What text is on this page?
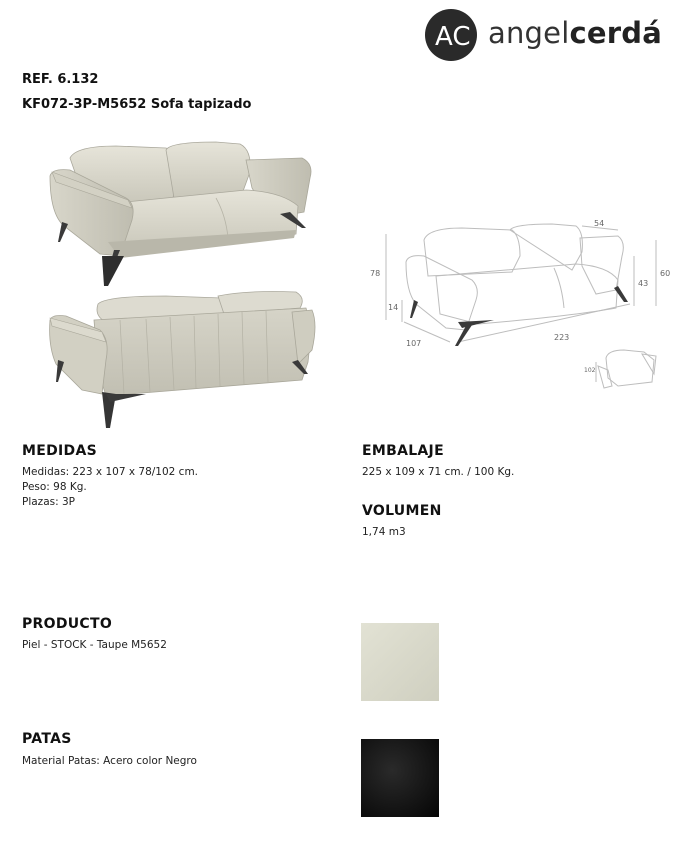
AC angelcerdá
REF. 6.132
KF072-3P-M5652 Sofa tapizado
54
78
14
60
43
107
223
102
MEDIDAS
Medidas: 223 x 107 x 78/102 cm.
Peso: 98 Kg.
Plazas: 3P
EMBALAJE
225 x 109 x 71 cm. / 100 Kg.
VOLUMEN
1,74 m3
PRODUCTO
Piel - STOCK - Taupe M5652
PATAS
Material Patas: Acero color Negro
